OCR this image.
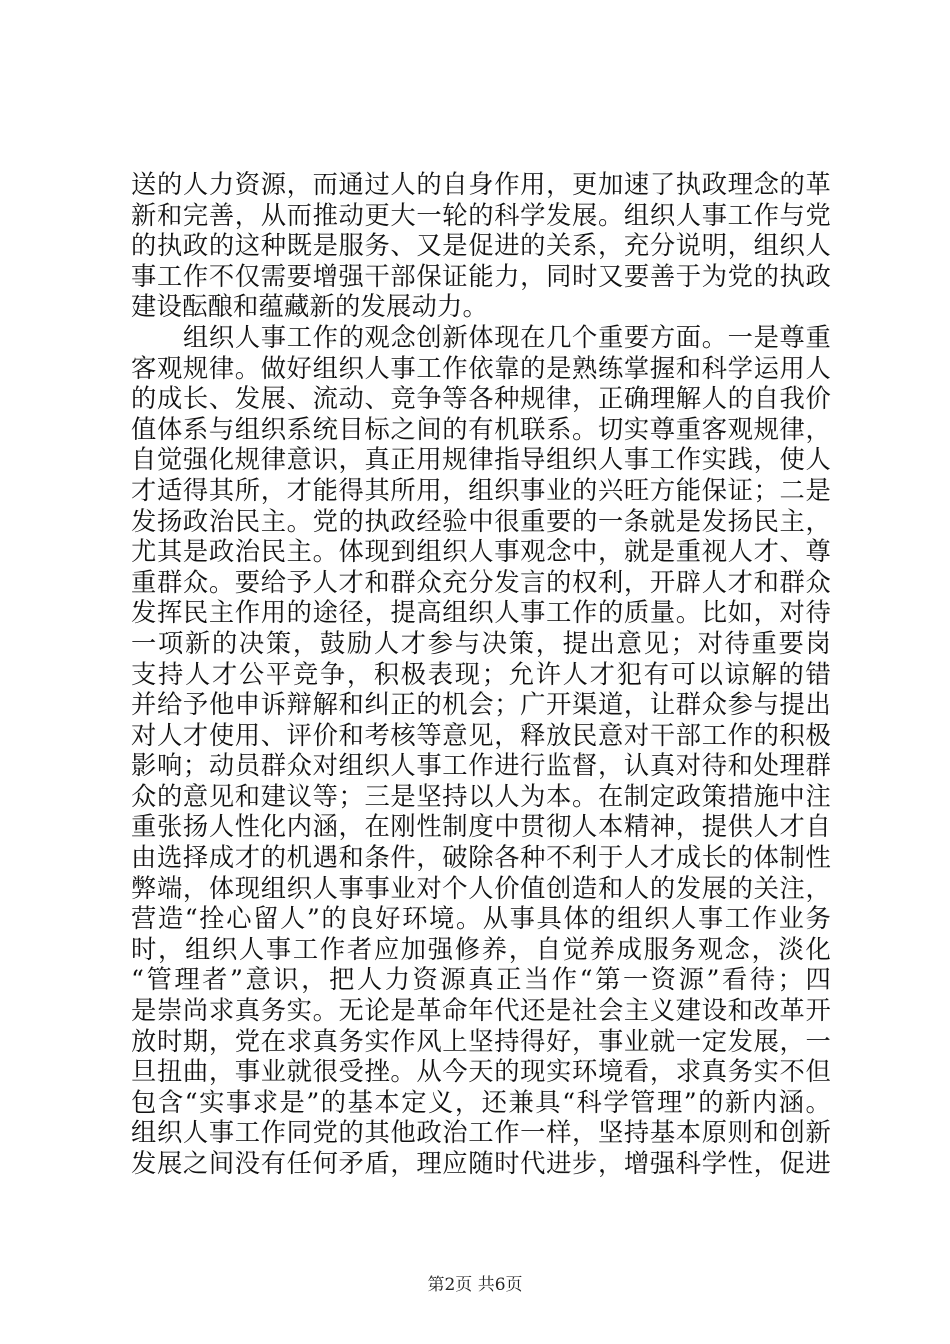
送的人力资源，而通过人的自身作用，更加速了执政理念的革
新和完善，从而推动更大一轮的科学发展。组织人事工作与党
的执政的这种既是服务、又是促进的关系，充分说明，组织人
事工作不仅需要增强干部保证能力，同时又要善于为党的执政
建设酝酿和蕴藏新的发展动力。
组织人事工作的观念创新体现在几个重要方面。一是尊重
客观规律。做好组织人事工作依靠的是熟练掌握和科学运用人
的成长、发展、流动、竞争等各种规律，正确理解人的自我价
值体系与组织系统目标之间的有机联系。切实尊重客观规律，
自觉强化规律意识，真正用规律指导组织人事工作实践，使人
才适得其所，才能得其所用，组织事业的兴旺方能保证；二是
发扬政治民主。党的执政经验中很重要的一条就是发扬民主，
尤其是政治民主。体现到组织人事观念中，就是重视人才、尊
重群众。要给予人才和群众充分发言的权利，开辟人才和群众
发挥民主作用的途径，提高组织人事工作的质量。比如，对待
一项新的决策，鼓励人才参与决策，提出意见；对待重要岗
支持人才公平竞争，积极表现；允许人才犯有可以谅解的错
并给予他申诉辩解和纠正的机会；广开渠道，让群众参与提出
对人才使用、评价和考核等意见，释放民意对干部工作的积极
影响；动员群众对组织人事工作进行监督，认真对待和处理群
众的意见和建议等；三是坚持以人为本。在制定政策措施中注
重张扬人性化内涵，在刚性制度中贯彻人本精神，提供人才自
由选择成才的机遇和条件，破除各种不利于人才成长的体制性
弊端，体现组织人事事业对个人价值创造和人的发展的关注，
营造“拴心留人”的良好环境。从事具体的组织人事工作业务
时，组织人事工作者应加强修养，自觉养成服务观念，淡化
“管理者”意识，把人力资源真正当作“第一资源”看待；四
是崇尚求真务实。无论是革命年代还是社会主义建设和改革开
放时期，党在求真务实作风上坚持得好，事业就一定发展，一
旦扭曲，事业就很受挫。从今天的现实环境看，求真务实不但
包含“实事求是”的基本定义，还兼具“科学管理”的新内涵。
组织人事工作同党的其他政治工作一样，坚持基本原则和创新
发展之间没有任何矛盾，理应随时代进步，增强科学性，促进
第2页 共6页
